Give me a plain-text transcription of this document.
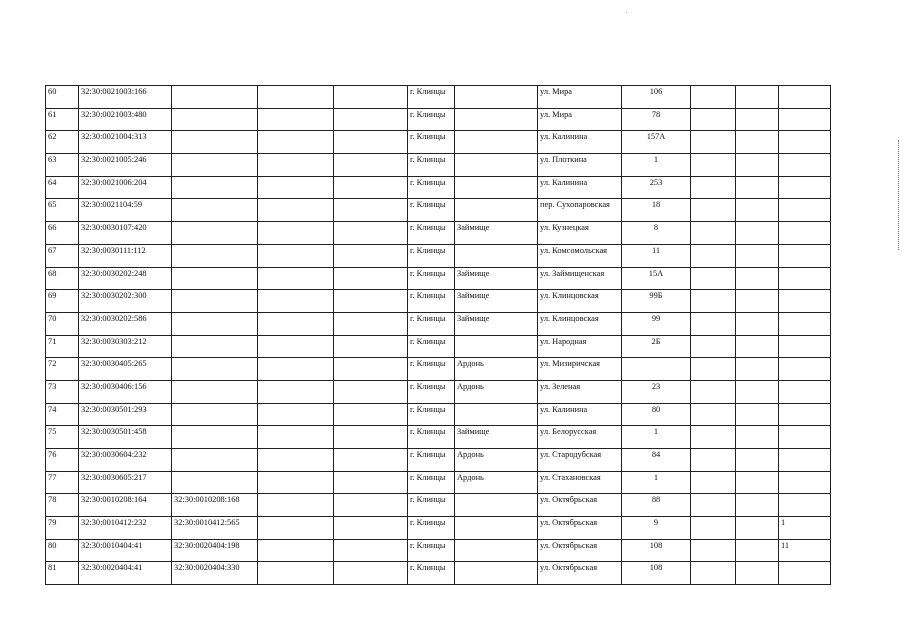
60	32:30:0021003:166				г. Клинцы		ул. Мира	106			
61	32:30:0021003:480				г. Клинцы		ул. Мира	78			
62	32:30:0021004:313				г. Клинцы		ул. Калинина	157А			
63	32:30:0021005:246				г. Клинцы		ул. Плоткина	1			
64	32:30:0021006:204				г. Клинцы		ул. Калинина	253			
65	32:30:0021104:59				г. Клинцы		пер. Сухопаровская	18			
66	32:30:0030107:420				г. Клинцы	Займище	ул. Кузнецкая	8			
67	32:30:0030111:112				г. Клинцы		ул. Комсомольская	11			
68	32:30:0030202:248				г. Клинцы	Займище	ул. Займищенская	15А			
69	32:30:0030202:300				г. Клинцы	Займище	ул. Клинцовская	99Б			
70	32:30:0030202:586				г. Клинцы	Займище	ул. Клинцовская	99			
71	32:30:0030303:212				г. Клинцы		ул. Народная	2Б			
72	32:30:0030405:265				г. Клинцы	Ардонь	ул. Мизиричская				
73	32:30:0030406:156				г. Клинцы	Ардонь	ул. Зеленая	23			
74	32:30:0030501:293				г. Клинцы		ул. Калинина	80			
75	32:30:0030501:458				г. Клинцы	Займище	ул. Белорусская	1			
76	32:30:0030604:232				г. Клинцы	Ардонь	ул. Стародубская	84			
77	32:30:0030605:217				г. Клинцы	Ардонь	ул. Стахановская	1			
78	32:30:0010208:164	32:30:0010208:168			г. Клинцы		ул. Октябрьская	88			
79	32:30:0010412:232	32:30:0010412:565			г. Клинцы		ул. Октябрьская	9			1
80	32:30:0010404:41	32:30:0020404:198			г. Клинцы		ул. Октябрьская	108			11
81	32:30:0020404:41	32:30:0020404:330			г. Клинцы		ул. Октябрьская	108			
